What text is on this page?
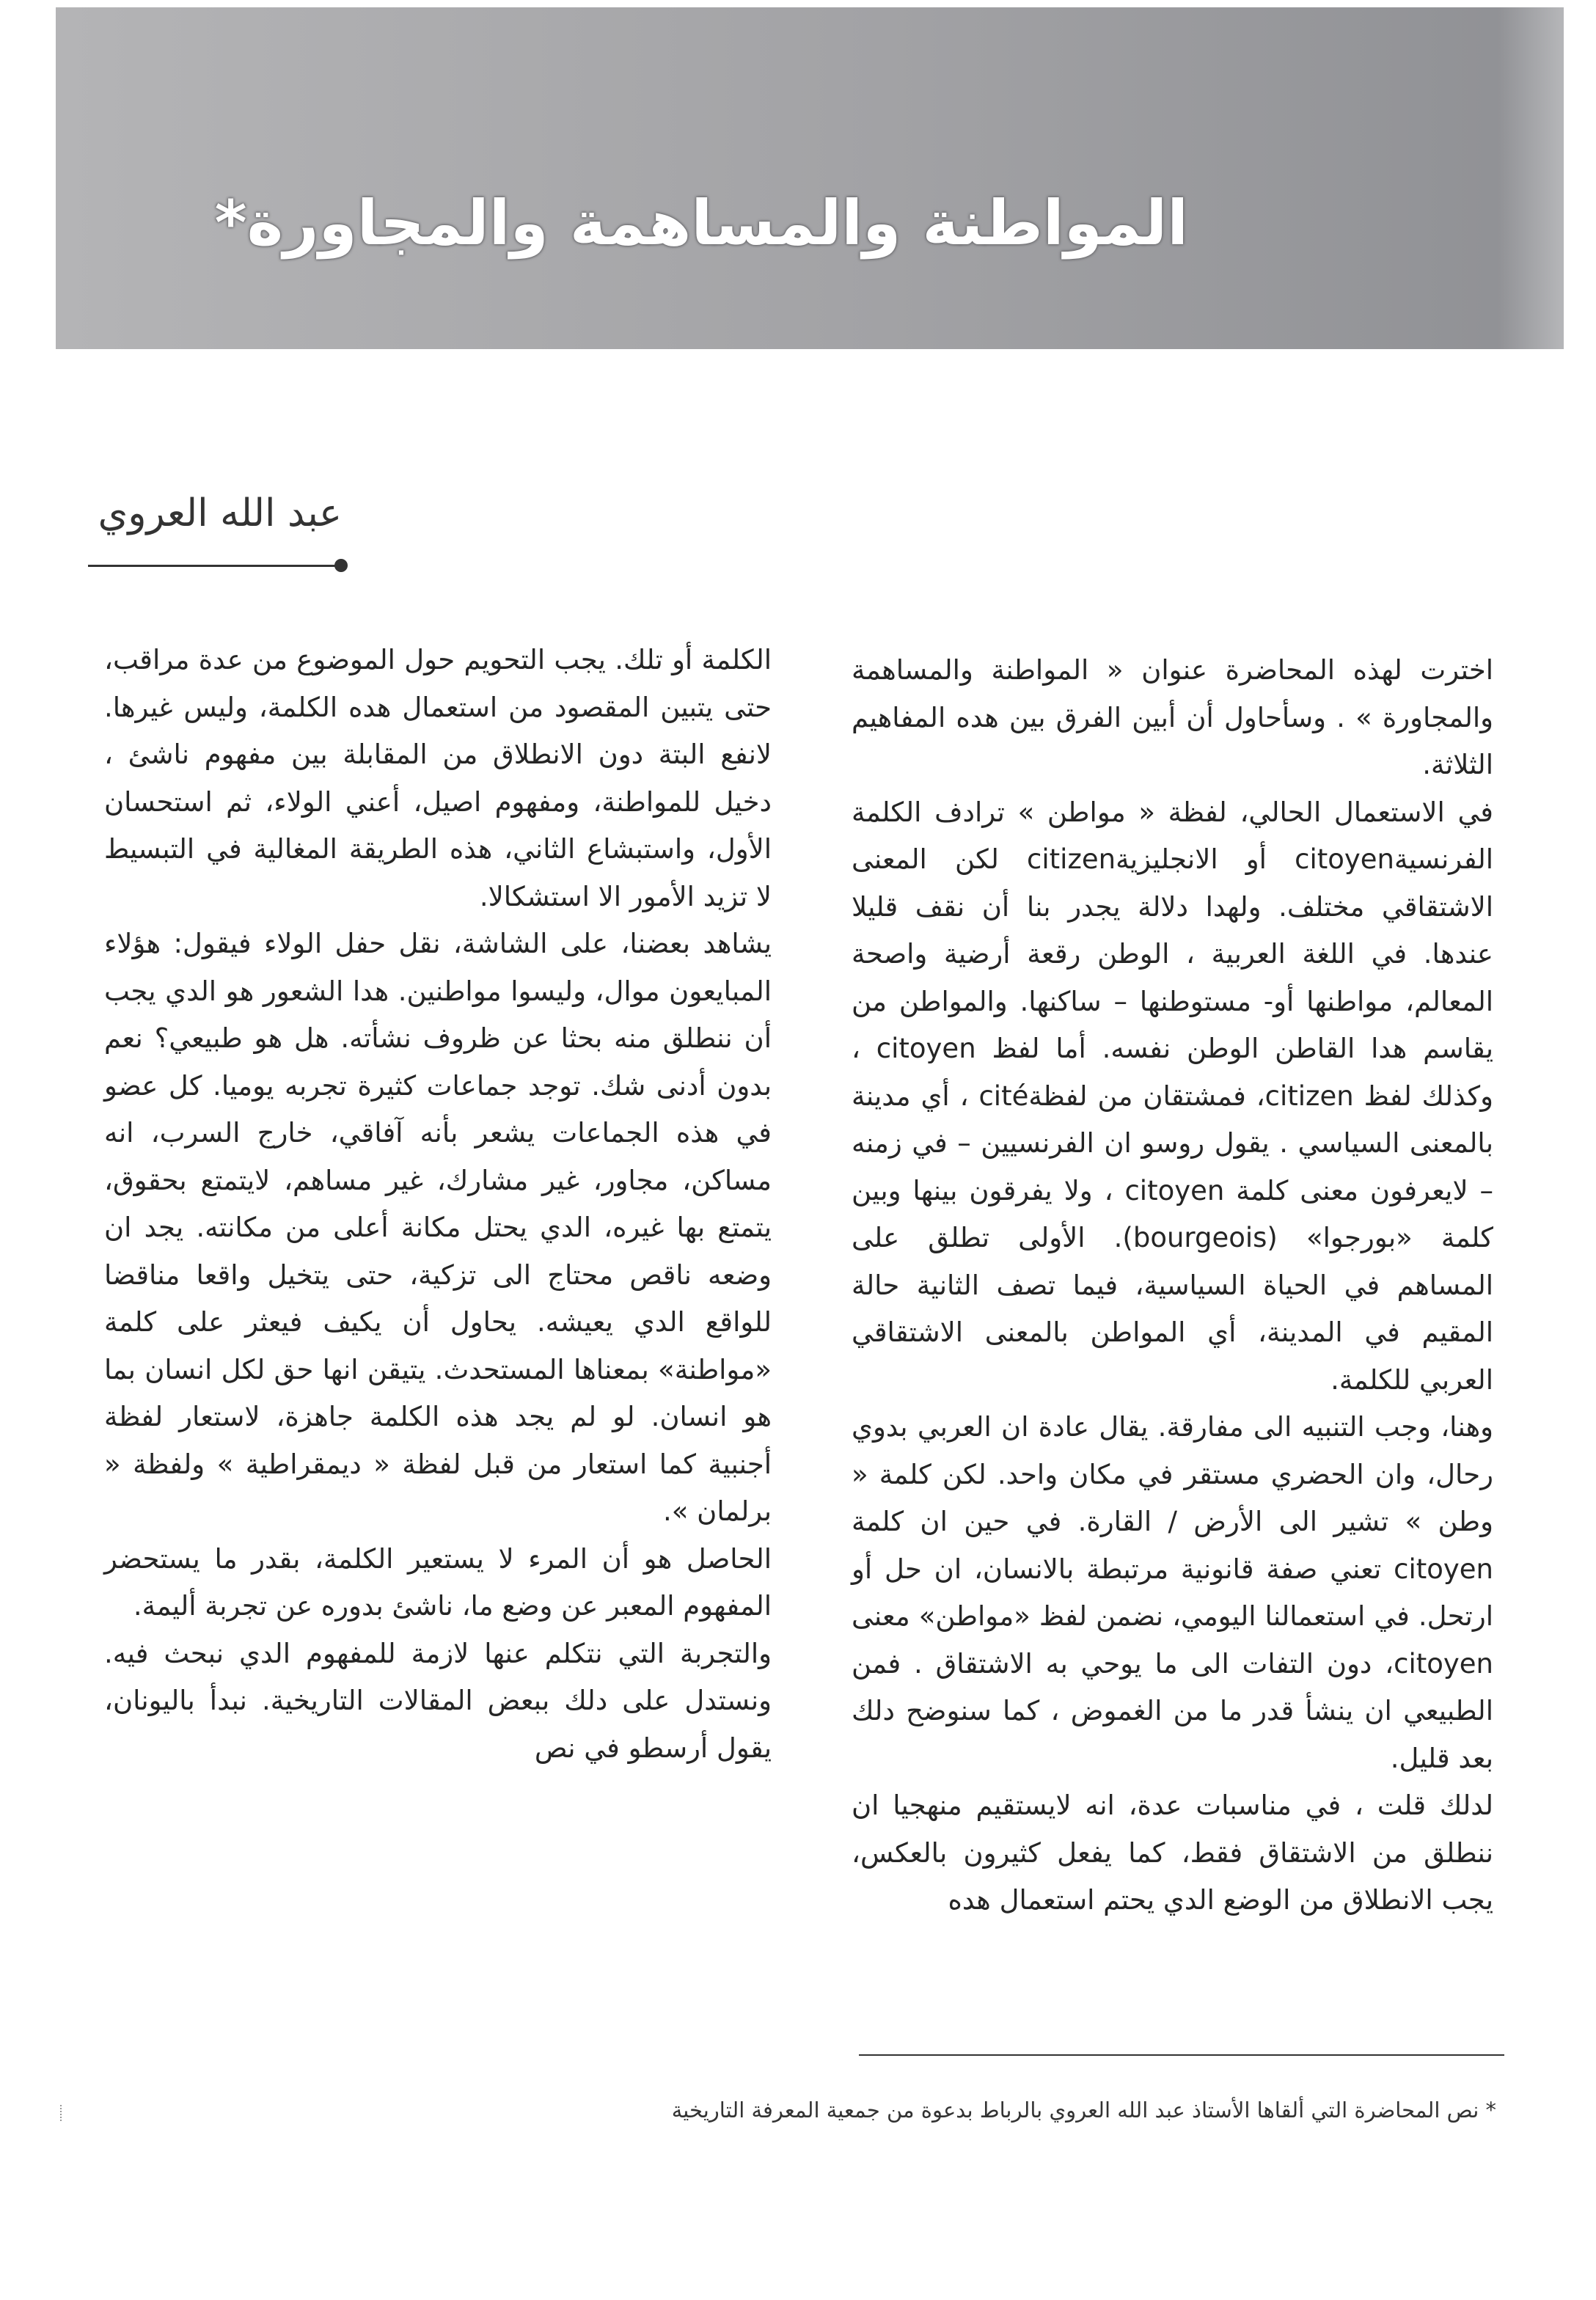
المواطنة والمساهمة والمجاورة*
عبد الله العروي

اخترت لهذه المحاضرة عنوان « المواطنة والمساهمة والمجاورة » . وسأحاول أن أبين الفرق بين هده المفاهيم الثلاثة.

في الاستعمال الحالي، لفظة « مواطن » ترادف الكلمة الفرنسيةcitoyen أو الانجليزيةcitizen لكن المعنى الاشتقاقي مختلف. ولهدا دلالة يجدر بنا أن نقف قليلا عندها. في اللغة العربية ، الوطن رقعة أرضية واصحة المعالم، مواطنها أو- مستوطنها – ساكنها. والمواطن من يقاسم هدا القاطن الوطن نفسه. أما لفظ citoyen ، وكذلك لفظ citizen، فمشتقان من لفظةcité ، أي مدينة بالمعنى السياسي . يقول روسو ان الفرنسيين – في زمنه – لايعرفون معنى كلمة citoyen ، ولا يفرقون بينها وبين كلمة «بورجوا» (bourgeois). الأولى تطلق على المساهم في الحياة السياسية، فيما تصف الثانية حالة المقيم في المدينة، أي المواطن بالمعنى الاشتقاقي العربي للكلمة.

وهنا، وجب التنبيه الى مفارقة. يقال عادة ان العربي بدوي رحال، وان الحضري مستقر في مكان واحد. لكن كلمة « وطن » تشير الى الأرض / القارة. في حين ان كلمة citoyen تعني صفة قانونية مرتبطة بالانسان، ان حل أو ارتحل. في استعمالنا اليومي، نضمن لفظ «مواطن» معنى citoyen، دون التفات الى ما يوحي به الاشتقاق . فمن الطبيعي ان ينشأ قدر ما من الغموض ، كما سنوضح دلك بعد قليل.

لدلك قلت ، في مناسبات عدة، انه لايستقيم منهجيا ان ننطلق من الاشتقاق فقط، كما يفعل كثيرون بالعكس، يجب الانطلاق من الوضع الدي يحتم استعمال هده

الكلمة أو تلك. يجب التحويم حول الموضوع من عدة مراقب، حتى يتبين المقصود من استعمال هده الكلمة، وليس غيرها. لانفع البتة دون الانطلاق من المقابلة بين مفهوم ناشئ ، دخيل للمواطنة، ومفهوم اصيل، أعني الولاء، ثم استحسان الأول، واستبشاع الثاني، هذه الطريقة المغالية في التبسيط لا تزيد الأمور الا استشكالا.

يشاهد بعضنا، على الشاشة، نقل حفل الولاء فيقول: هؤلاء المبايعون موال، وليسوا مواطنين. هدا الشعور هو الدي يجب أن ننطلق منه بحثا عن ظروف نشأته. هل هو طبيعي؟ نعم بدون أدنى شك. توجد جماعات كثيرة تجربه يوميا. كل عضو في هذه الجماعات يشعر بأنه آفاقي، خارج السرب، انه مساكن، مجاور، غير مشارك، غير مساهم، لايتمتع بحقوق، يتمتع بها غيره، الدي يحتل مكانة أعلى من مكانته. يجد ان وضعه ناقص محتاج الى تزكية، حتى يتخيل واقعا مناقضا للواقع الدي يعيشه. يحاول أن يكيف فيعثر على كلمة «مواطنة» بمعناها المستحدث. يتيقن انها حق لكل انسان بما هو انسان. لو لم يجد هذه الكلمة جاهزة، لاستعار لفظة أجنبية كما استعار من قبل لفظة « ديمقراطية » ولفظة « برلمان ».

الحاصل هو أن المرء لا يستعير الكلمة، بقدر ما يستحضر المفهوم المعبر عن وضع ما، ناشئ بدوره عن تجربة أليمة.

والتجربة التي نتكلم عنها لازمة للمفهوم الدي نبحث فيه. ونستدل على دلك ببعض المقالات التاريخية. نبدأ باليونان، يقول أرسطو في نص

* نص المحاضرة التي ألقاها الأستاذ عبد الله العروي بالرباط بدعوة من جمعية المعرفة التاريخية
